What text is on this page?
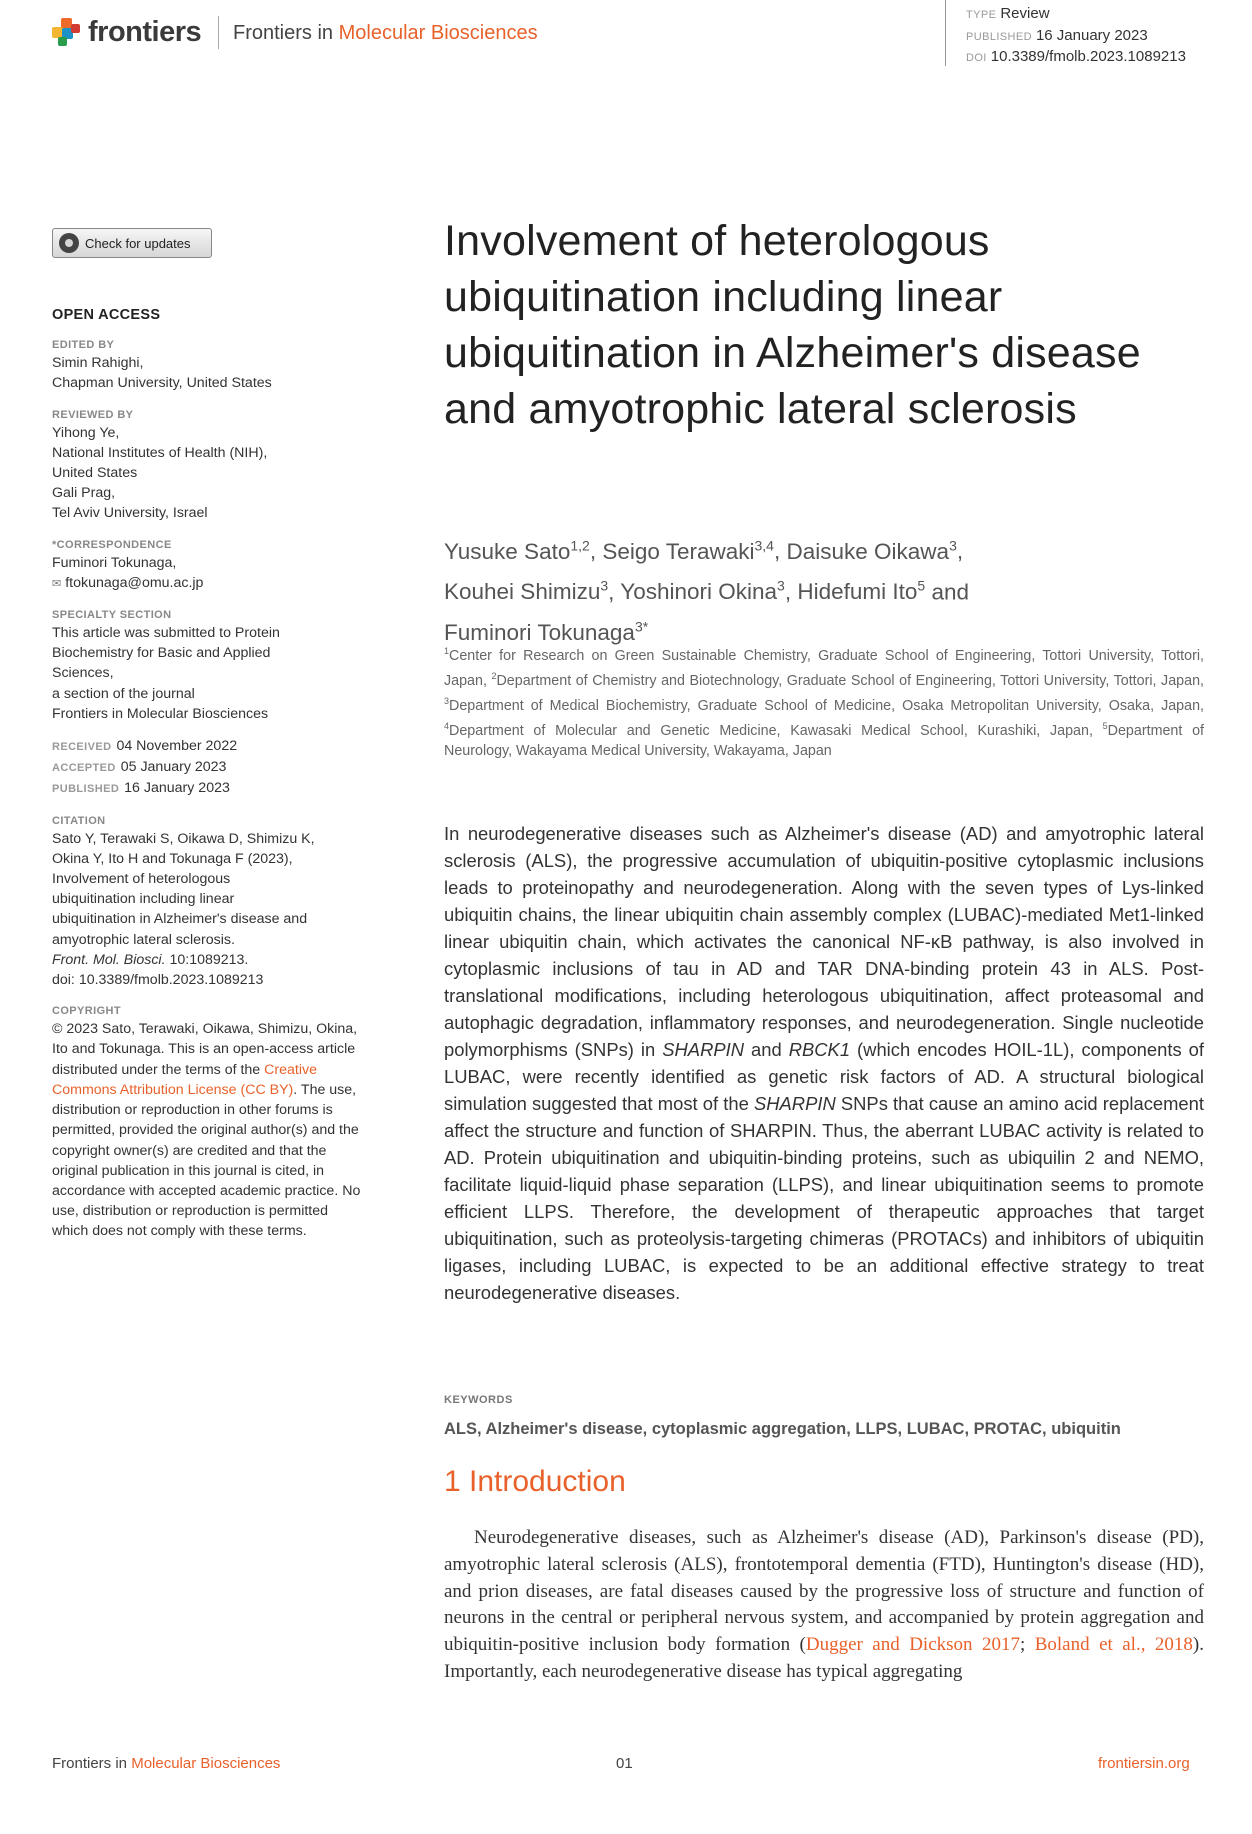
frontiers Frontiers in Molecular Biosciences
TYPE Review
PUBLISHED 16 January 2023
DOI 10.3389/fmolb.2023.1089213
Check for updates
OPEN ACCESS
EDITED BY
Simin Rahighi,
Chapman University, United States
REVIEWED BY
Yihong Ye,
National Institutes of Health (NIH),
United States
Gali Prag,
Tel Aviv University, Israel
*CORRESPONDENCE
Fuminori Tokunaga,
✉ ftokunaga@omu.ac.jp
SPECIALTY SECTION
This article was submitted to Protein
Biochemistry for Basic and Applied
Sciences,
a section of the journal
Frontiers in Molecular Biosciences
RECEIVED 04 November 2022
ACCEPTED 05 January 2023
PUBLISHED 16 January 2023
CITATION
Sato Y, Terawaki S, Oikawa D, Shimizu K,
Okina Y, Ito H and Tokunaga F (2023),
Involvement of heterologous
ubiquitination including linear
ubiquitination in Alzheimer's disease and
amyotrophic lateral sclerosis.
Front. Mol. Biosci. 10:1089213.
doi: 10.3389/fmolb.2023.1089213
COPYRIGHT
© 2023 Sato, Terawaki, Oikawa, Shimizu, Okina, Ito and Tokunaga. This is an open-access article distributed under the terms of the Creative Commons Attribution License (CC BY). The use, distribution or reproduction in other forums is permitted, provided the original author(s) and the copyright owner(s) are credited and that the original publication in this journal is cited, in accordance with accepted academic practice. No use, distribution or reproduction is permitted which does not comply with these terms.
Involvement of heterologous ubiquitination including linear ubiquitination in Alzheimer's disease and amyotrophic lateral sclerosis
Yusuke Sato$^{1,2}$, Seigo Terawaki$^{3,4}$, Daisuke Oikawa$^3$,
Kouhei Shimizu$^3$, Yoshinori Okina$^3$, Hidefumi Ito$^5$ and
Fuminori Tokunaga$^{3*}$
$^1$Center for Research on Green Sustainable Chemistry, Graduate School of Engineering, Tottori University, Tottori, Japan, $^2$Department of Chemistry and Biotechnology, Graduate School of Engineering, Tottori University, Tottori, Japan, $^3$Department of Medical Biochemistry, Graduate School of Medicine, Osaka Metropolitan University, Osaka, Japan, $^4$Department of Molecular and Genetic Medicine, Kawasaki Medical School, Kurashiki, Japan, $^5$Department of Neurology, Wakayama Medical University, Wakayama, Japan
In neurodegenerative diseases such as Alzheimer's disease (AD) and amyotrophic lateral sclerosis (ALS), the progressive accumulation of ubiquitin-positive cytoplasmic inclusions leads to proteinopathy and neurodegeneration. Along with the seven types of Lys-linked ubiquitin chains, the linear ubiquitin chain assembly complex (LUBAC)-mediated Met1-linked linear ubiquitin chain, which activates the canonical NF-κB pathway, is also involved in cytoplasmic inclusions of tau in AD and TAR DNA-binding protein 43 in ALS. Post-translational modifications, including heterologous ubiquitination, affect proteasomal and autophagic degradation, inflammatory responses, and neurodegeneration. Single nucleotide polymorphisms (SNPs) in SHARPIN and RBCK1 (which encodes HOIL-1L), components of LUBAC, were recently identified as genetic risk factors of AD. A structural biological simulation suggested that most of the SHARPIN SNPs that cause an amino acid replacement affect the structure and function of SHARPIN. Thus, the aberrant LUBAC activity is related to AD. Protein ubiquitination and ubiquitin-binding proteins, such as ubiquilin 2 and NEMO, facilitate liquid-liquid phase separation (LLPS), and linear ubiquitination seems to promote efficient LLPS. Therefore, the development of therapeutic approaches that target ubiquitination, such as proteolysis-targeting chimeras (PROTACs) and inhibitors of ubiquitin ligases, including LUBAC, is expected to be an additional effective strategy to treat neurodegenerative diseases.
KEYWORDS
ALS, Alzheimer's disease, cytoplasmic aggregation, LLPS, LUBAC, PROTAC, ubiquitin
1 Introduction
Neurodegenerative diseases, such as Alzheimer's disease (AD), Parkinson's disease (PD), amyotrophic lateral sclerosis (ALS), frontotemporal dementia (FTD), Huntington's disease (HD), and prion diseases, are fatal diseases caused by the progressive loss of structure and function of neurons in the central or peripheral nervous system, and accompanied by protein aggregation and ubiquitin-positive inclusion body formation (Dugger and Dickson 2017; Boland et al., 2018). Importantly, each neurodegenerative disease has typical aggregating
Frontiers in Molecular Biosciences	01	frontiersin.org
